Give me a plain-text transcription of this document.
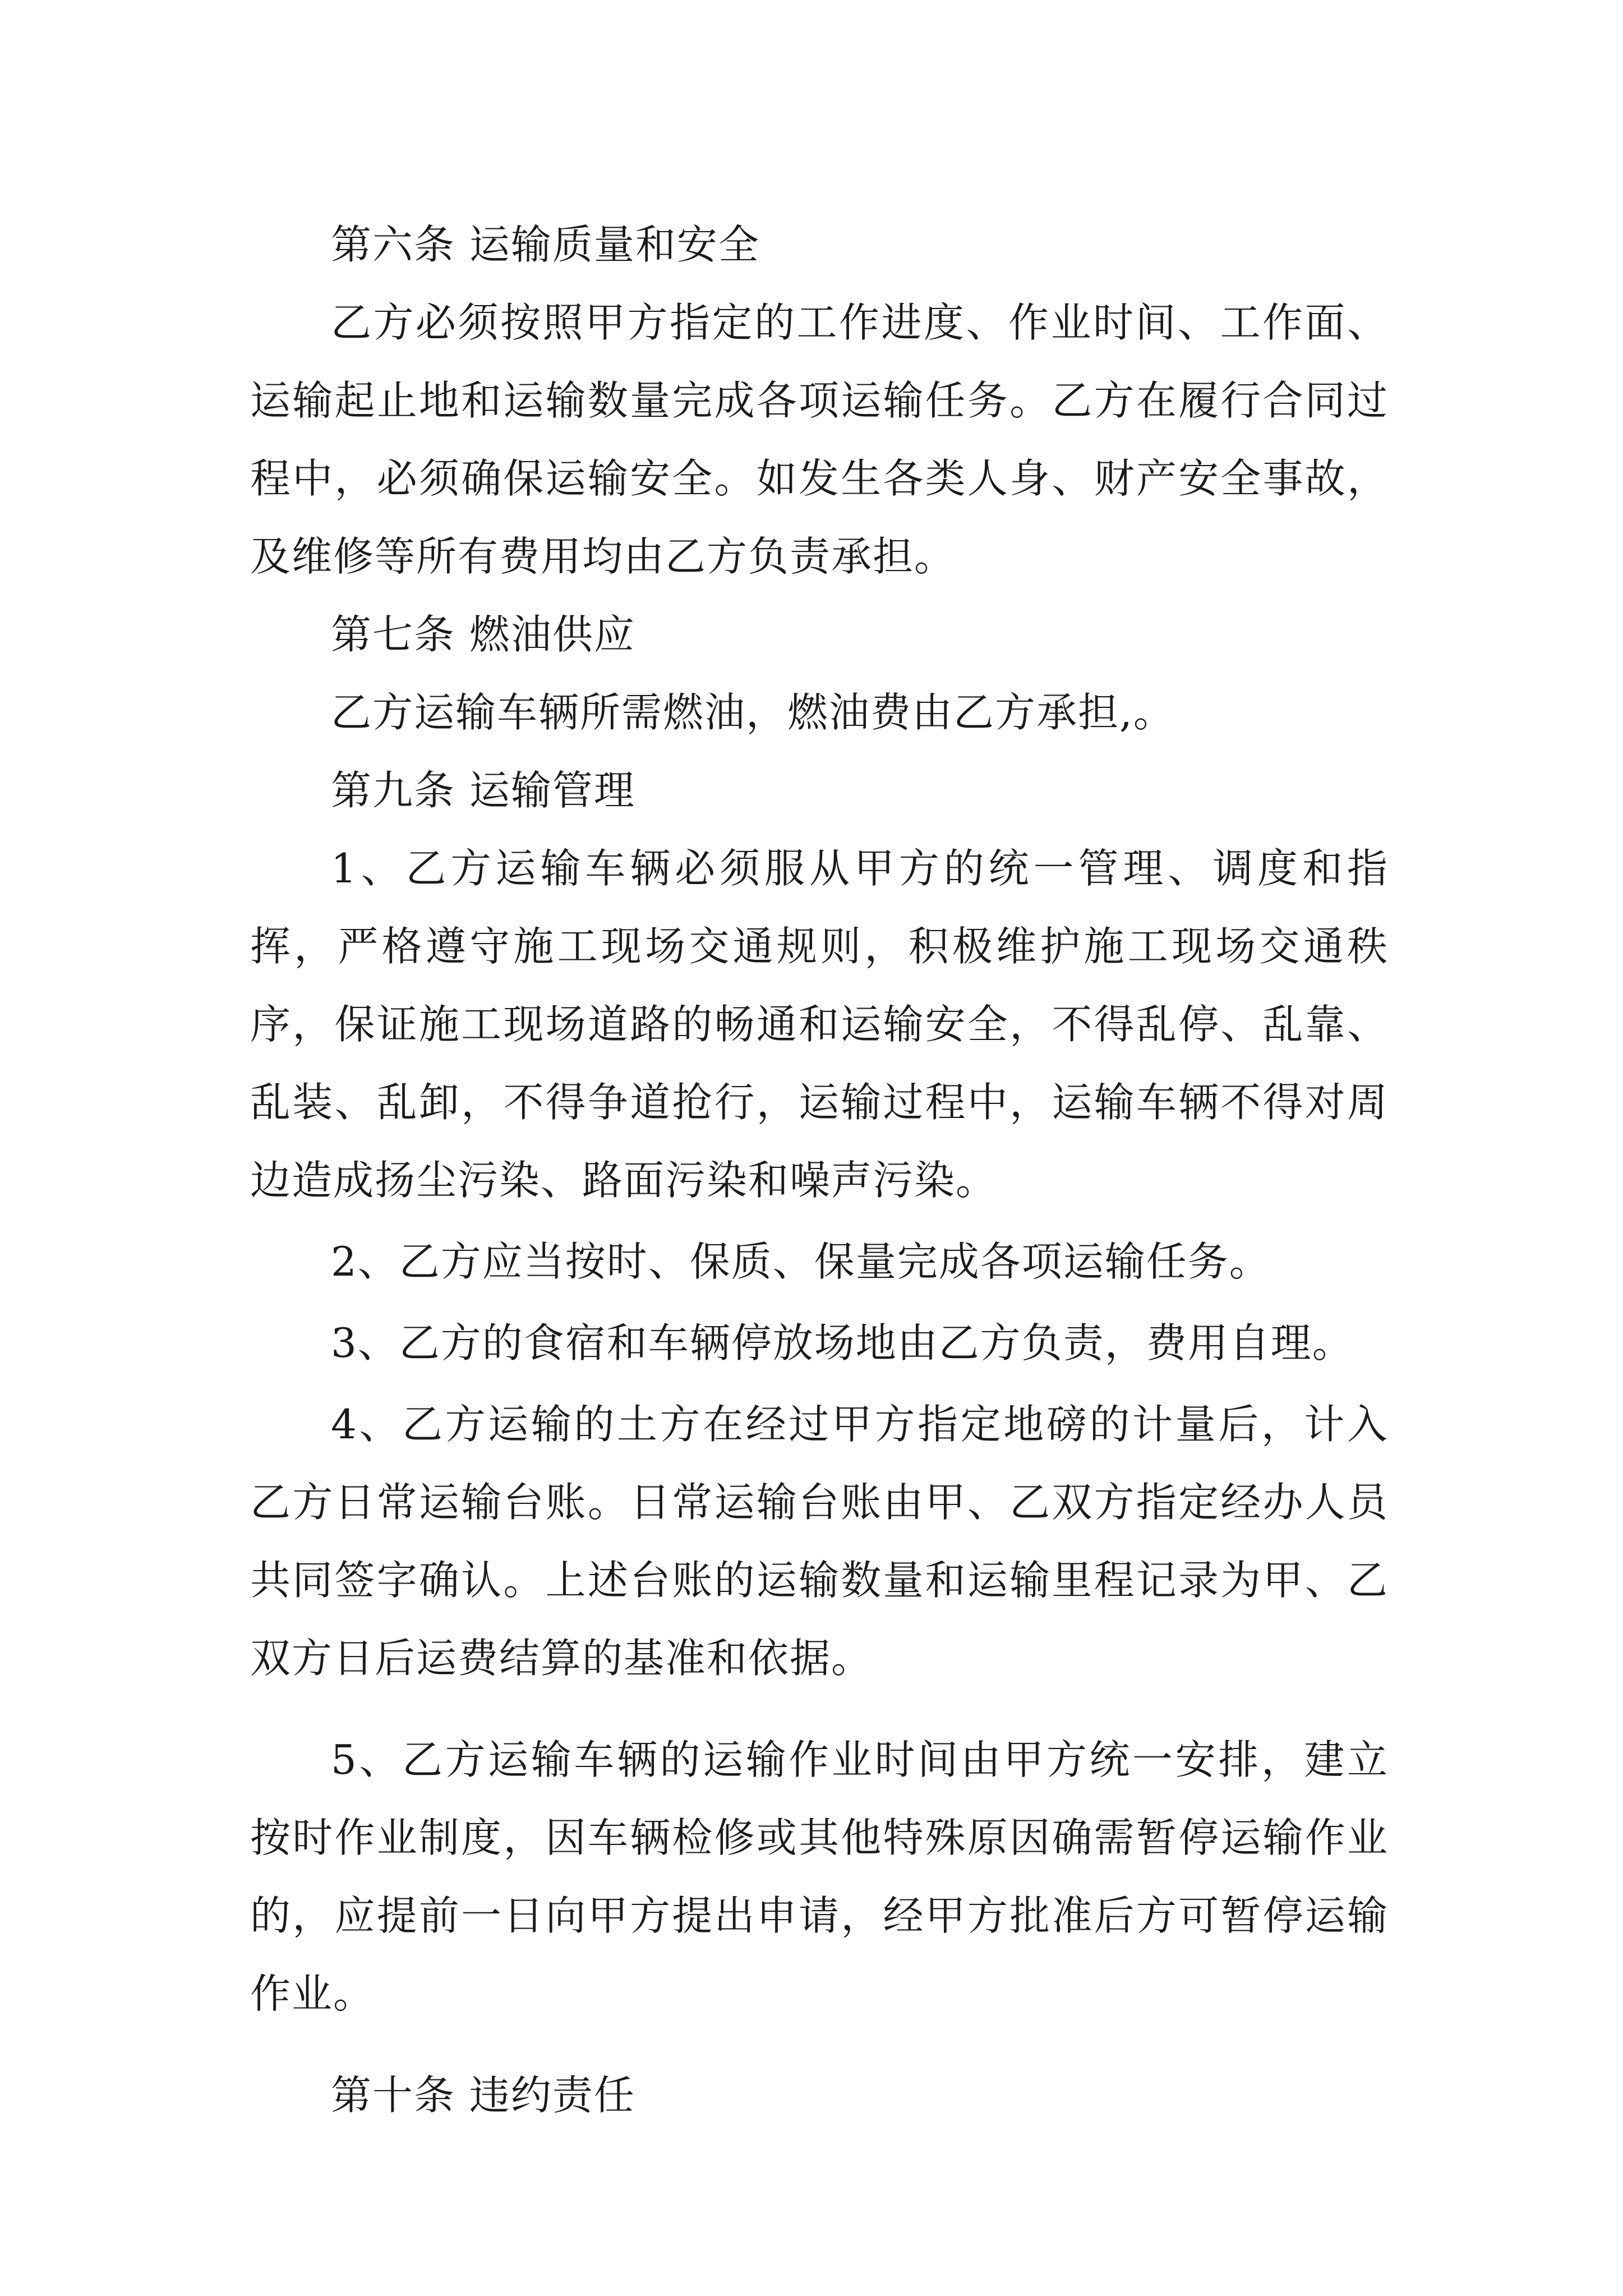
第六条 运输质量和安全

乙方必须按照甲方指定的工作进度、作业时间、工作面、运输起止地和运输数量完成各项运输任务。乙方在履行合同过程中，必须确保运输安全。如发生各类人身、财产安全事故，及维修等所有费用均由乙方负责承担。

第七条 燃油供应

乙方运输车辆所需燃油，燃油费由乙方承担,。

第九条 运输管理

1、乙方运输车辆必须服从甲方的统一管理、调度和指挥，严格遵守施工现场交通规则，积极维护施工现场交通秩序，保证施工现场道路的畅通和运输安全，不得乱停、乱靠、乱装、乱卸，不得争道抢行，运输过程中，运输车辆不得对周边造成扬尘污染、路面污染和噪声污染。

2、乙方应当按时、保质、保量完成各项运输任务。

3、乙方的食宿和车辆停放场地由乙方负责，费用自理。

4、乙方运输的土方在经过甲方指定地磅的计量后，计入乙方日常运输台账。日常运输台账由甲、乙双方指定经办人员共同签字确认。上述台账的运输数量和运输里程记录为甲、乙双方日后运费结算的基准和依据。

5、乙方运输车辆的运输作业时间由甲方统一安排，建立按时作业制度，因车辆检修或其他特殊原因确需暂停运输作业的，应提前一日向甲方提出申请，经甲方批准后方可暂停运输作业。

第十条 违约责任
